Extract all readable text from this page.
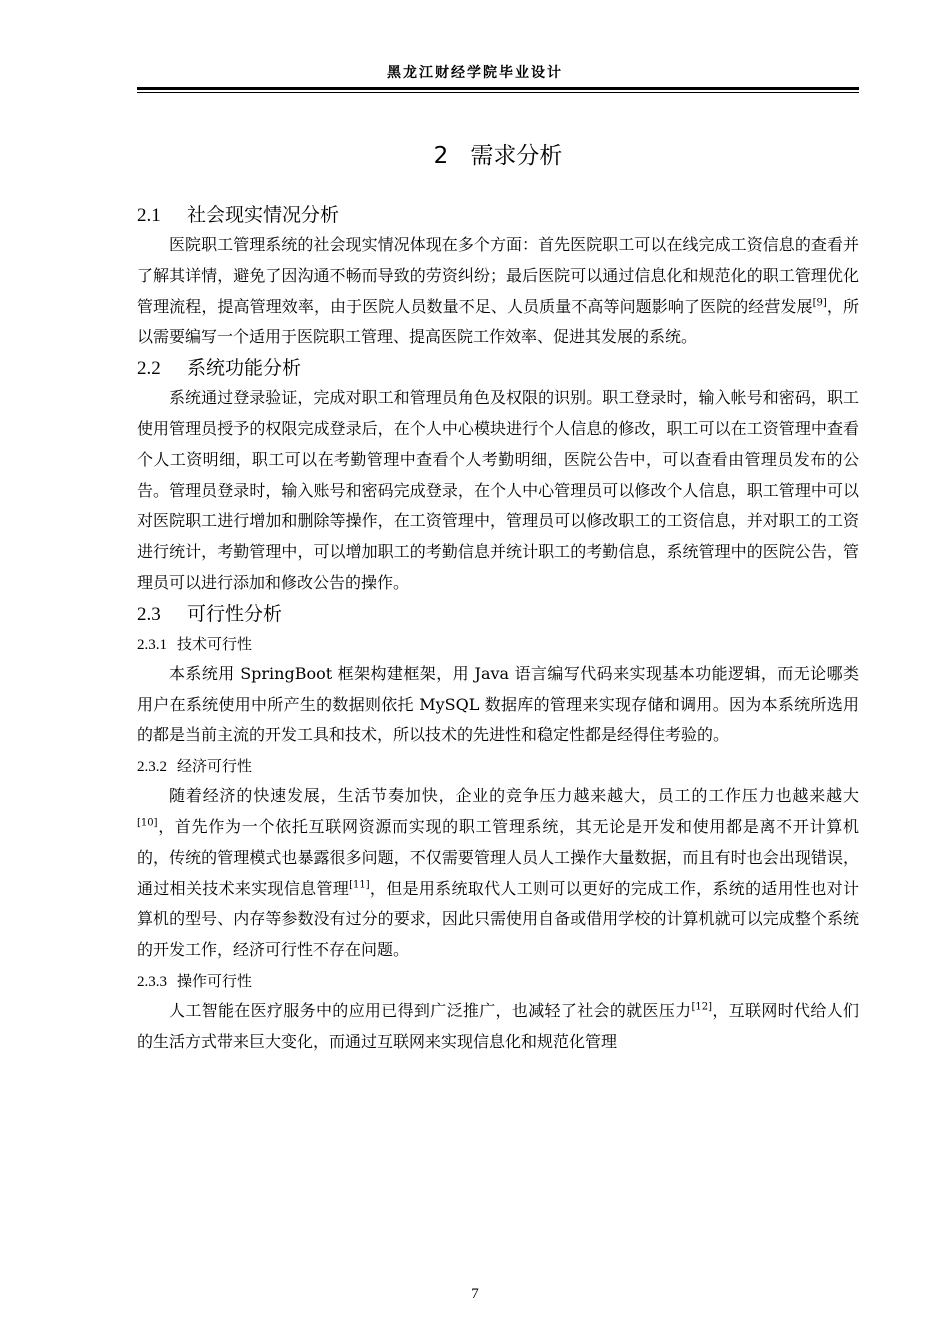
黑龙江财经学院毕业设计
2 需求分析
2.1 社会现实情况分析

医院职工管理系统的社会现实情况体现在多个方面：首先医院职工可以在线完成工资信息的查看并了解其详情，避免了因沟通不畅而导致的劳资纠纷；最后医院可以通过信息化和规范化的职工管理优化管理流程，提高管理效率，由于医院人员数量不足、人员质量不高等问题影响了医院的经营发展[9]，所以需要编写一个适用于医院职工管理、提高医院工作效率、促进其发展的系统。

2.2 系统功能分析

系统通过登录验证，完成对职工和管理员角色及权限的识别。职工登录时，输入帐号和密码，职工使用管理员授予的权限完成登录后，在个人中心模块进行个人信息的修改，职工可以在工资管理中查看个人工资明细，职工可以在考勤管理中查看个人考勤明细，医院公告中，可以查看由管理员发布的公告。管理员登录时，输入账号和密码完成登录，在个人中心管理员可以修改个人信息，职工管理中可以对医院职工进行增加和删除等操作，在工资管理中，管理员可以修改职工的工资信息，并对职工的工资进行统计，考勤管理中，可以增加职工的考勤信息并统计职工的考勤信息，系统管理中的医院公告，管理员可以进行添加和修改公告的操作。

2.3 可行性分析
2.3.1 技术可行性

本系统用 SpringBoot 框架构建框架，用 Java 语言编写代码来实现基本功能逻辑，而无论哪类用户在系统使用中所产生的数据则依托 MySQL 数据库的管理来实现存储和调用。因为本系统所选用的都是当前主流的开发工具和技术，所以技术的先进性和稳定性都是经得住考验的。

2.3.2 经济可行性

随着经济的快速发展，生活节奏加快，企业的竞争压力越来越大，员工的工作压力也越来越大[10]，首先作为一个依托互联网资源而实现的职工管理系统，其无论是开发和使用都是离不开计算机的，传统的管理模式也暴露很多问题，不仅需要管理人员人工操作大量数据，而且有时也会出现错误，通过相关技术来实现信息管理[11]，但是用系统取代人工则可以更好的完成工作，系统的适用性也对计算机的型号、内存等参数没有过分的要求，因此只需使用自备或借用学校的计算机就可以完成整个系统的开发工作，经济可行性不存在问题。

2.3.3 操作可行性

人工智能在医疗服务中的应用已得到广泛推广，也减轻了社会的就医压力[12]，互联网时代给人们的生活方式带来巨大变化，而通过互联网来实现信息化和规范化管理

7
